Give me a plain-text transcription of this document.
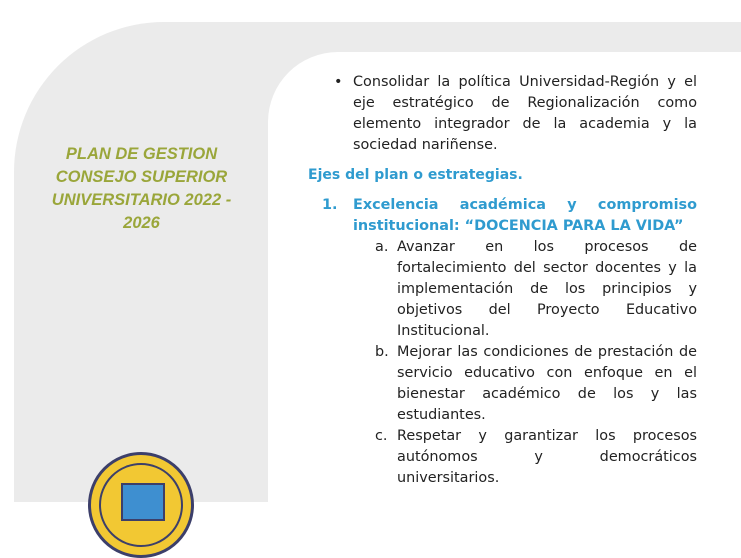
PLAN DE GESTION
CONSEJO SUPERIOR
UNIVERSITARIO 2022 -
2026

• Consolidar la política Universidad-Región y el eje estratégico de Regionalización como elemento integrador de la academia y la sociedad nariñense.

Ejes del plan o estrategias.

1. Excelencia académica y compromiso
institucional: “DOCENCIA PARA LA VIDA”
a. Avanzar en los procesos de fortalecimiento del sector docentes y la implementación de los principios y objetivos del Proyecto Educativo Institucional.
b. Mejorar las condiciones de prestación de servicio educativo con enfoque en el bienestar académico de los y las estudiantes.
c. Respetar y garantizar los procesos autónomos y democráticos universitarios.
